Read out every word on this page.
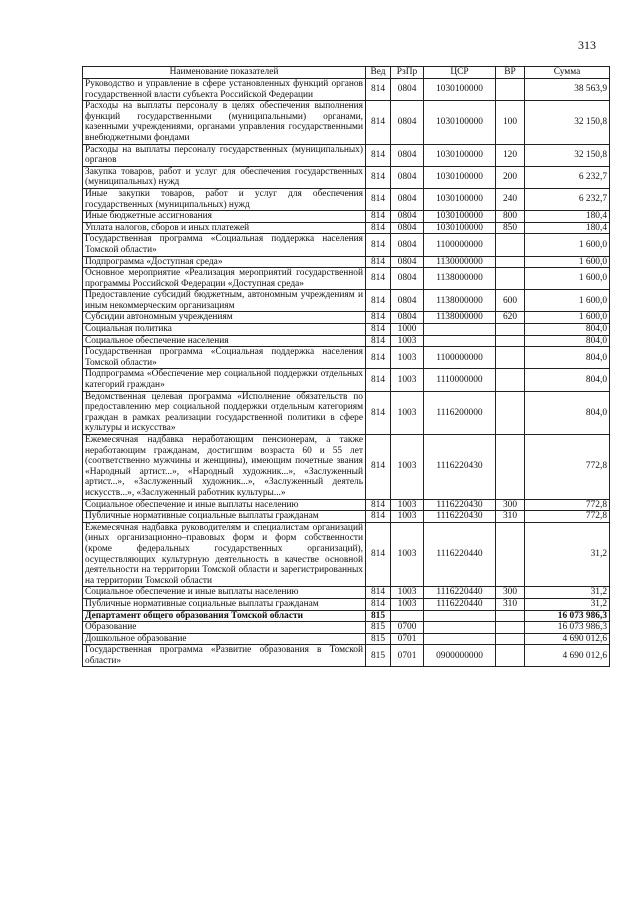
313
Наименование показателей	Вед	РзПр	ЦСР	ВР	Сумма
Руководство и управление в сфере установленных функций органов государственной власти субъекта Российской Федерации	814	0804	1030100000		38 563,9
Расходы на выплаты персоналу в целях обеспечения выполнения функций государственными (муниципальными) органами, казенными учреждениями, органами управления государственными внебюджетными фондами	814	0804	1030100000	100	32 150,8
Расходы на выплаты персоналу государственных (муниципальных) органов	814	0804	1030100000	120	32 150,8
Закупка товаров, работ и услуг для обеспечения государственных (муниципальных) нужд	814	0804	1030100000	200	6 232,7
Иные закупки товаров, работ и услуг для обеспечения государственных (муниципальных) нужд	814	0804	1030100000	240	6 232,7
Иные бюджетные ассигнования	814	0804	1030100000	800	180,4
Уплата налогов, сборов и иных платежей	814	0804	1030100000	850	180,4
Государственная программа «Социальная поддержка населения Томской области»	814	0804	1100000000		1 600,0
Подпрограмма «Доступная среда»	814	0804	1130000000		1 600,0
Основное мероприятие «Реализация мероприятий государственной программы Российской Федерации «Доступная среда»	814	0804	1138000000		1 600,0
Предоставление субсидий бюджетным, автономным учреждениям и иным некоммерческим организациям	814	0804	1138000000	600	1 600,0
Субсидии автономным учреждениям	814	0804	1138000000	620	1 600,0
Социальная политика	814	1000			804,0
Социальное обеспечение населения	814	1003			804,0
Государственная программа «Социальная поддержка населения Томской области»	814	1003	1100000000		804,0
Подпрограмма «Обеспечение мер социальной поддержки отдельных категорий граждан»	814	1003	1110000000		804,0
Ведомственная целевая программа «Исполнение обязательств по предоставлению мер социальной поддержки отдельным категориям граждан в рамках реализации государственной политики в сфере культуры и искусства»	814	1003	1116200000		804,0
Ежемесячная надбавка неработающим пенсионерам, а также неработающим гражданам, достигшим возраста 60 и 55 лет (соответственно мужчины и женщины), имеющим почетные звания «Народный артист...», «Народный художник...», «Заслуженный артист...», «Заслуженный художник...», «Заслуженный деятель искусств...», «Заслуженный работник культуры...»	814	1003	1116220430		772,8
Социальное обеспечение и иные выплаты населению	814	1003	1116220430	300	772,8
Публичные нормативные социальные выплаты гражданам	814	1003	1116220430	310	772,8
Ежемесячная надбавка руководителям и специалистам организаций (иных организационно–правовых форм и форм собственности (кроме федеральных государственных организаций), осуществляющих культурную деятельность в качестве основной деятельности на территории Томской области и зарегистрированных на территории Томской области	814	1003	1116220440		31,2
Социальное обеспечение и иные выплаты населению	814	1003	1116220440	300	31,2
Публичные нормативные социальные выплаты гражданам	814	1003	1116220440	310	31,2
Департамент общего образования Томской области	815				16 073 986,3
Образование	815	0700			16 073 986,3
Дошкольное образование	815	0701			4 690 012,6
Государственная программа «Развитие образования в Томской области»	815	0701	0900000000		4 690 012,6
